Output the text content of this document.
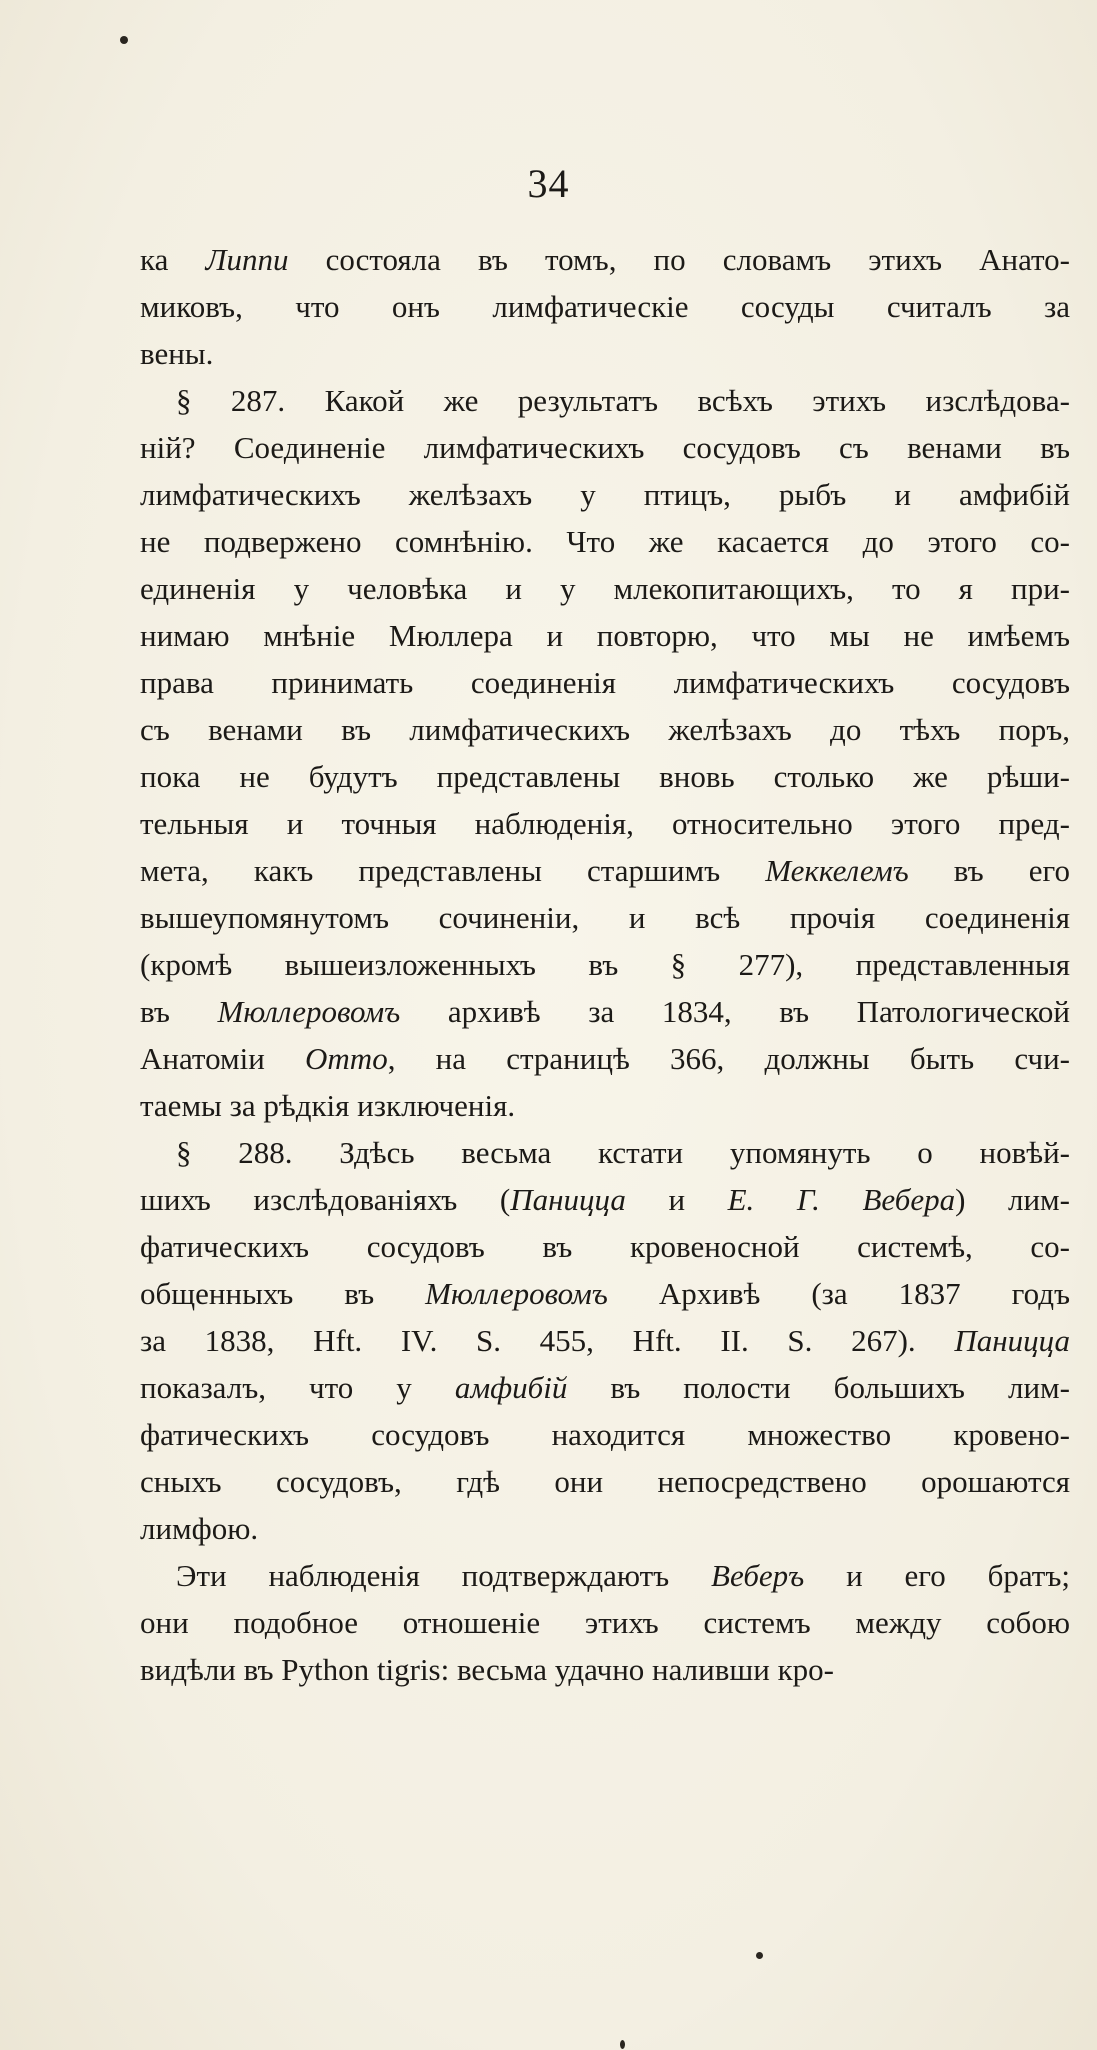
34
ка Липпи состояла въ томъ, по словамъ этихъ Анато-
миковъ, что онъ лимфатическіе сосуды считалъ за
вены.
§ 287. Какой же результатъ всѣхъ этихъ изслѣдова-
ній? Соединеніе лимфатическихъ сосудовъ съ венами въ
лимфатическихъ желѣзахъ у птицъ, рыбъ и амфибій
не подвержено сомнѣнію. Что же касается до этого со-
единенія у человѣка и у млекопитающихъ, то я при-
нимаю мнѣніе Мюллера и повторю, что мы не имѣемъ
права принимать соединенія лимфатическихъ сосудовъ
съ венами въ лимфатическихъ желѣзахъ до тѣхъ поръ,
пока не будутъ представлены вновь столько же рѣши-
тельныя и точныя наблюденія, относительно этого пред-
мета, какъ представлены старшимъ Меккелемъ въ его
вышеупомянутомъ сочиненіи, и всѣ прочія соединенія
(кромѣ вышеизложенныхъ въ § 277), представленныя
въ Мюллеровомъ архивѣ за 1834, въ Патологической
Анатоміи Отто, на страницѣ 366, должны быть счи-
таемы за рѣдкія изключенія.
§ 288. Здѣсь весьма кстати упомянуть о новѣй-
шихъ изслѣдованіяхъ (Паницца и Е. Г. Вебера) лим-
фатическихъ сосудовъ въ кровеносной системѣ, со-
общенныхъ въ Мюллеровомъ Архивѣ (за 1837 годъ
за 1838, Hft. IV. S. 455, Hft. II. S. 267). Паницца
показалъ, что у амфибій въ полости большихъ лим-
фатическихъ сосудовъ находится множество кровено-
сныхъ сосудовъ, гдѣ они непосредствено орошаются
лимфою.
Эти наблюденія подтверждаютъ Веберъ и его братъ;
они подобное отношеніе этихъ системъ между собою
видѣли въ Python tigris: весьма удачно наливши кро-
